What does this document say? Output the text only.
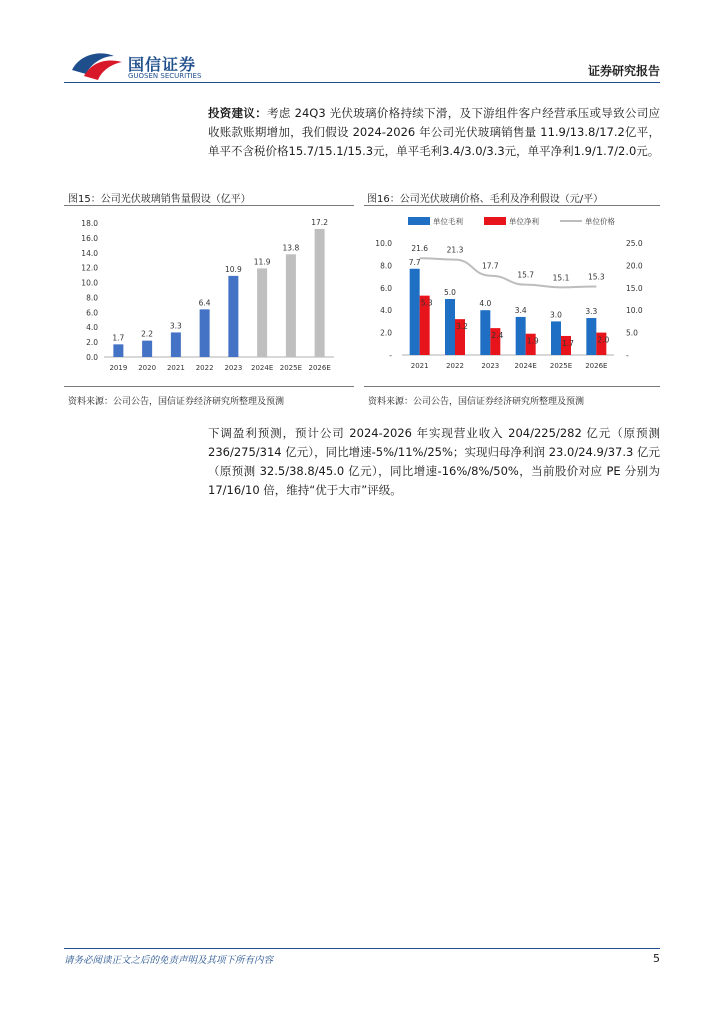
国信证券
GUOSEN SECURITIES	证券研究报告
投资建议：考虑 24Q3 光伏玻璃价格持续下滑，及下游组件客户经营承压或导致公司应收账款账期增加，我们假设 2024-2026 年公司光伏玻璃销售量 11.9/13.8/17.2亿平，单平不含税价格15.7/15.1/15.3元，单平毛利3.4/3.0/3.3元，单平净利1.9/1.7/2.0元。
图15：公司光伏玻璃销售量假设（亿平）
0.0
2.0
4.0
6.0
8.0
10.0
12.0
14.0
16.0
18.0
1.7
2019
2.2
2020
3.3
2021
6.4
2022
10.9
2023
11.9
2024E
13.8
2025E
17.2
2026E
资料来源：公司公告，国信证券经济研究所整理及预测
图16：公司光伏玻璃价格、毛利及净利假设（元/平）
单位毛利	单位净利	单位价格
-
2.0
4.0
6.0
8.0
10.0
-
5.0
10.0
15.0
20.0
25.0
7.7
5.3
2021
5.0
3.2
2022
4.0
2.4
2023
3.4
1.9
2024E
3.0
1.7
2025E
3.3
2.0
2026E
21.6 21.3
17.7
15.7 15.1 15.3
资料来源：公司公告，国信证券经济研究所整理及预测
下调盈利预测，预计公司 2024-2026 年实现营业收入 204/225/282 亿元（原预测236/275/314 亿元），同比增速-5%/11%/25%；实现归母净利润 23.0/24.9/37.3 亿元（原预测 32.5/38.8/45.0 亿元），同比增速-16%/8%/50%，当前股价对应 PE 分别为 17/16/10 倍，维持“优于大市”评级。
请务必阅读正文之后的免责声明及其项下所有内容	5
